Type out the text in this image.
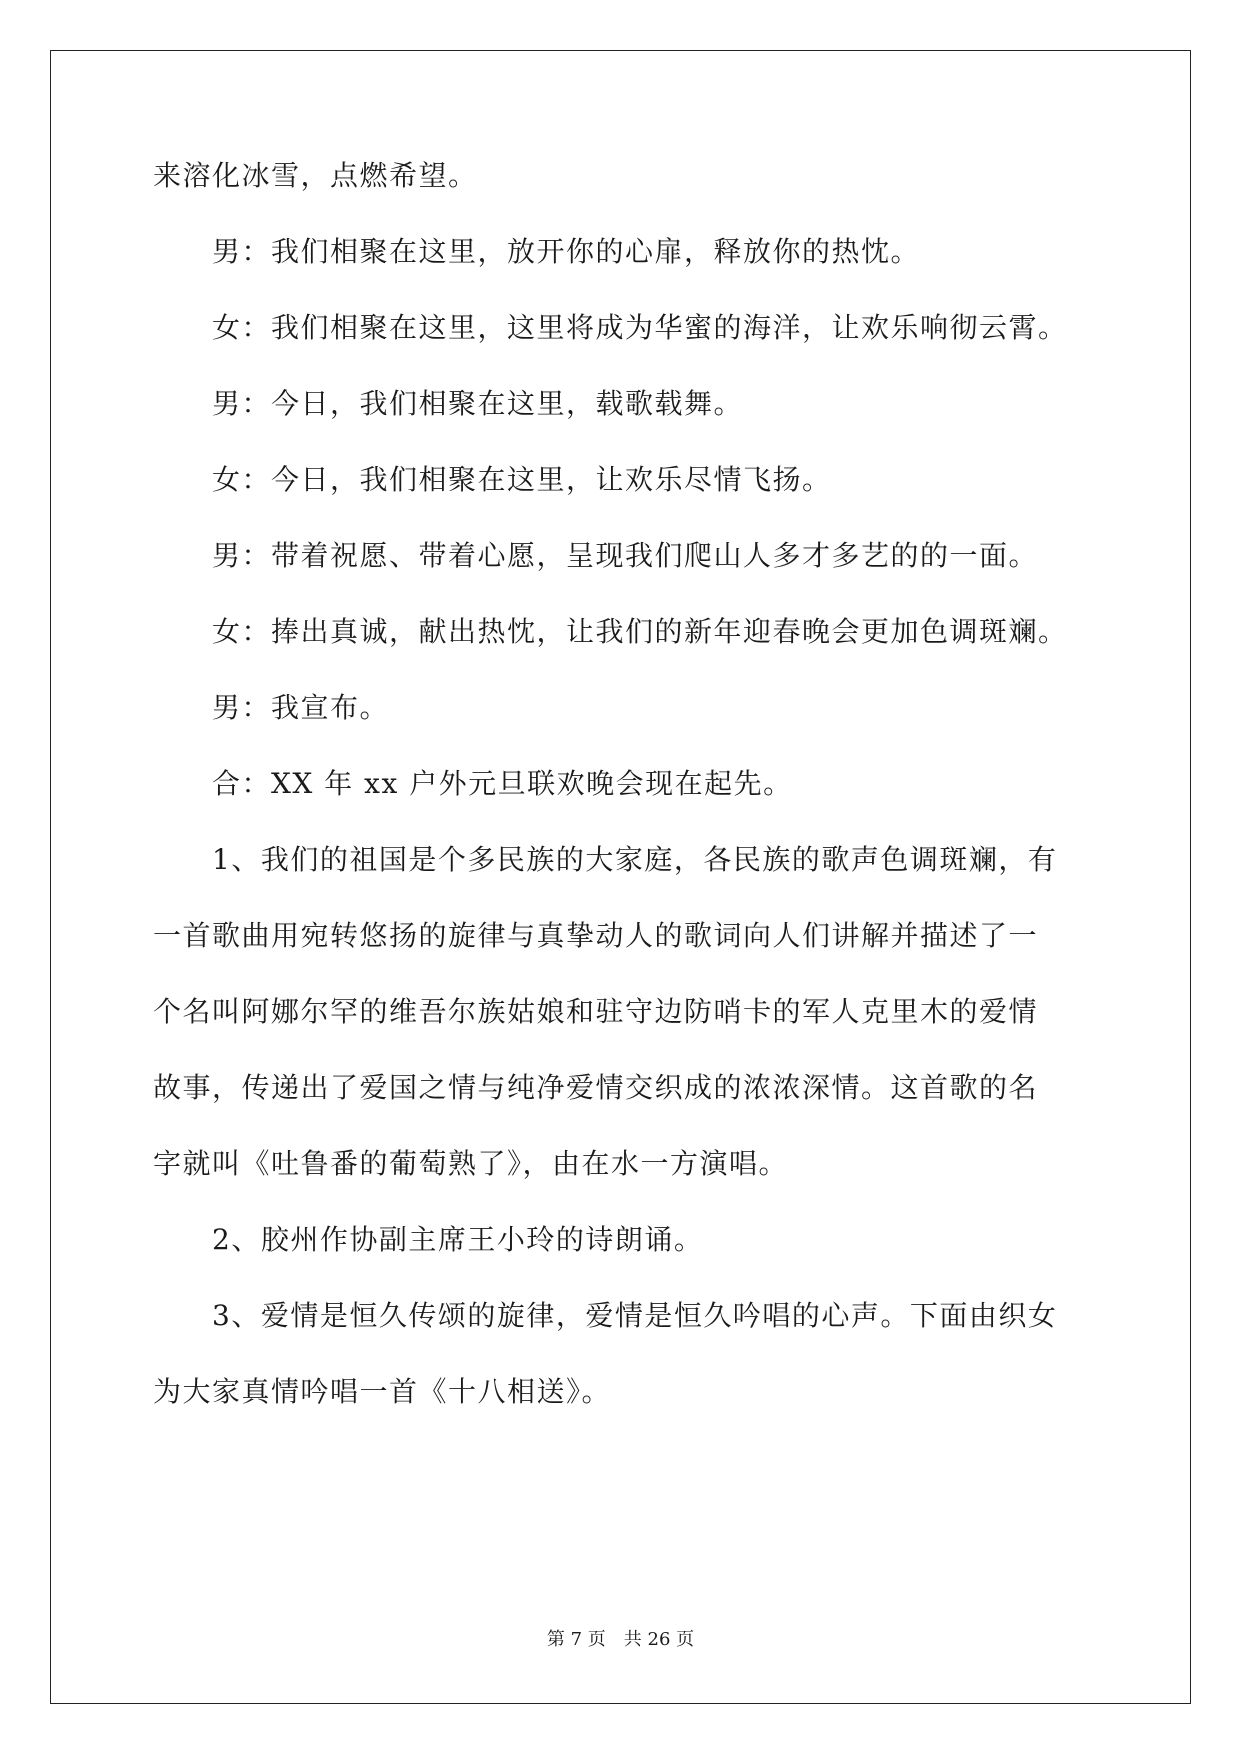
来溶化冰雪，点燃希望。
　　男：我们相聚在这里，放开你的心扉，释放你的热忱。
　　女：我们相聚在这里，这里将成为华蜜的海洋，让欢乐响彻云霄。
　　男：今日，我们相聚在这里，载歌载舞。
　　女：今日，我们相聚在这里，让欢乐尽情飞扬。
　　男：带着祝愿、带着心愿，呈现我们爬山人多才多艺的的一面。
　　女：捧出真诚，献出热忱，让我们的新年迎春晚会更加色调斑斓。
　　男：我宣布。
　　合：XX 年 xx 户外元旦联欢晚会现在起先。
　　1、我们的祖国是个多民族的大家庭，各民族的歌声色调斑斓，有
一首歌曲用宛转悠扬的旋律与真挚动人的歌词向人们讲解并描述了一
个名叫阿娜尔罕的维吾尔族姑娘和驻守边防哨卡的军人克里木的爱情
故事，传递出了爱国之情与纯净爱情交织成的浓浓深情。这首歌的名
字就叫《吐鲁番的葡萄熟了》，由在水一方演唱。
　　2、胶州作协副主席王小玲的诗朗诵。
　　3、爱情是恒久传颂的旋律，爱情是恒久吟唱的心声。下面由织女
为大家真情吟唱一首《十八相送》。
第 7 页　共 26 页
